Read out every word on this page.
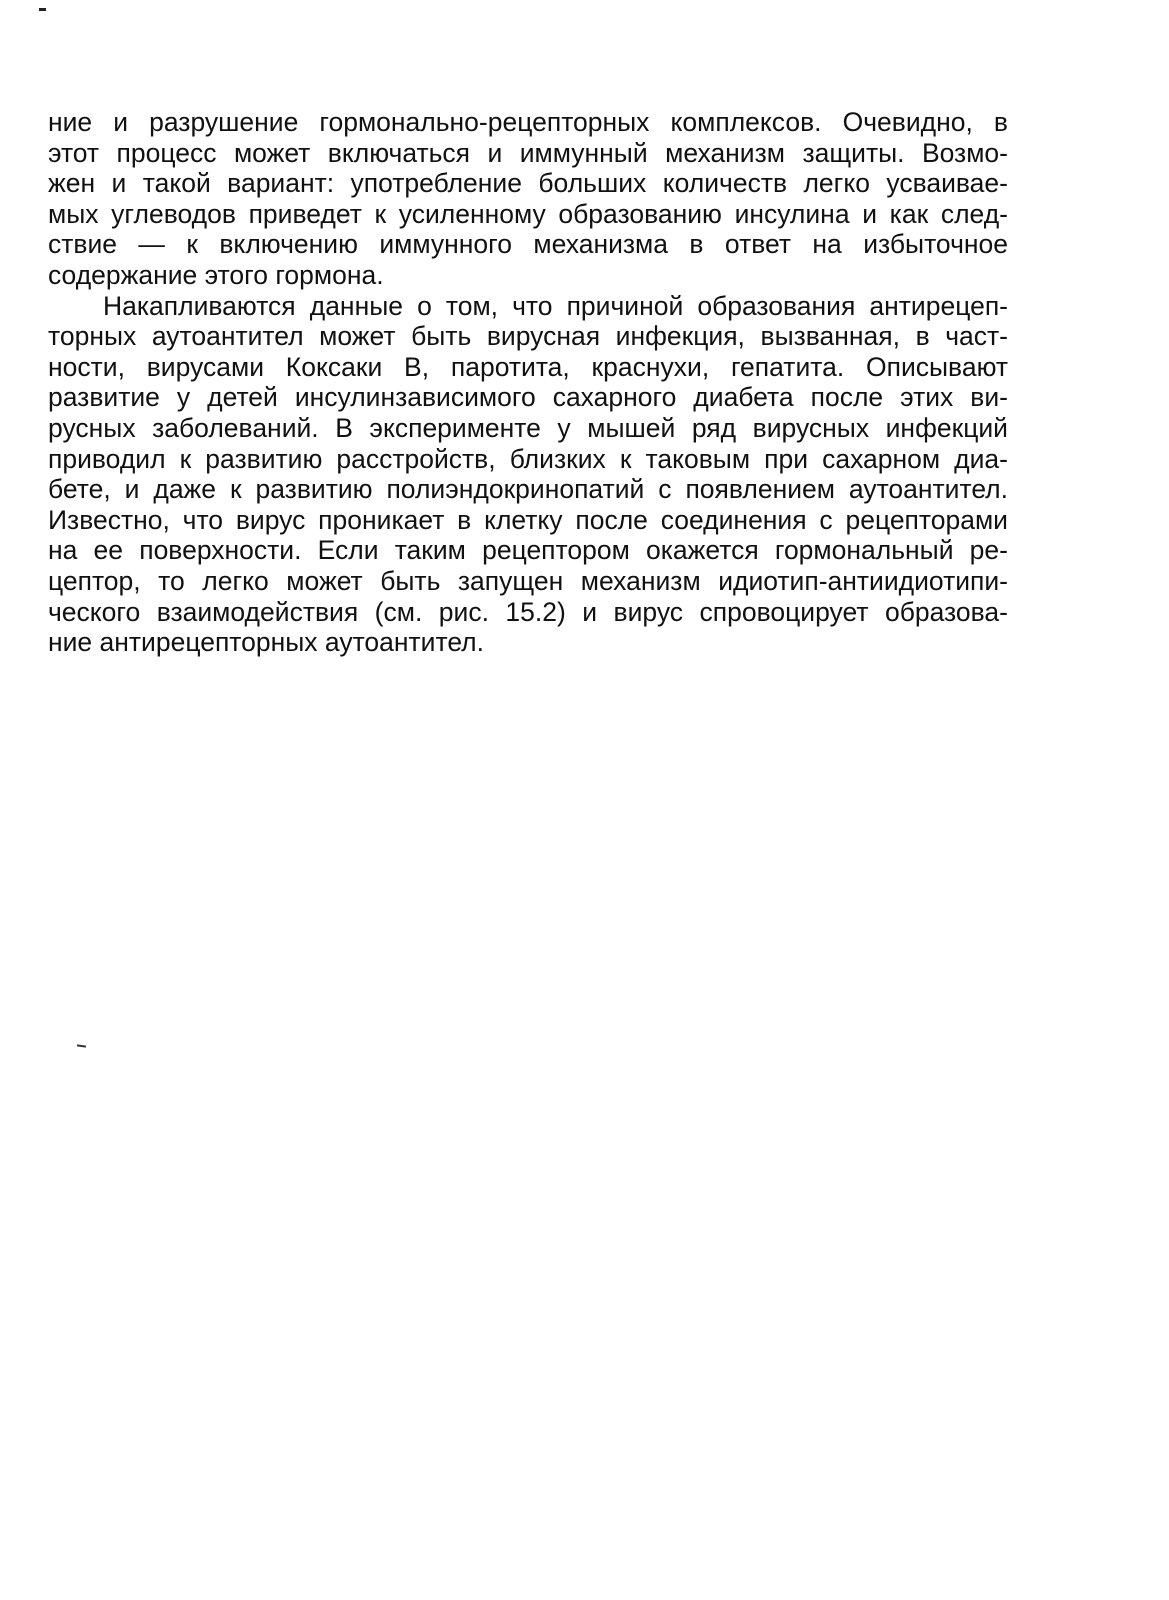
ние и разрушение гормонально-рецепторных комплексов. Очевидно, в
этот процесс может включаться и иммунный механизм защиты. Возмо-
жен и такой вариант: употребление больших количеств легко усваивае-
мых углеводов приведет к усиленному образованию инсулина и как след-
ствие — к включению иммунного механизма в ответ на избыточное
содержание этого гормона.
Накапливаются данные о том, что причиной образования антирецеп-
торных аутоантител может быть вирусная инфекция, вызванная, в част-
ности, вирусами Коксаки В, паротита, краснухи, гепатита. Описывают
развитие у детей инсулинзависимого сахарного диабета после этих ви-
русных заболеваний. В эксперименте у мышей ряд вирусных инфекций
приводил к развитию расстройств, близких к таковым при сахарном диа-
бете, и даже к развитию полиэндокринопатий с появлением аутоантител.
Известно, что вирус проникает в клетку после соединения с рецепторами
на ее поверхности. Если таким рецептором окажется гормональный ре-
цептор, то легко может быть запущен механизм идиотип-антиидиотипи-
ческого взаимодействия (см. рис. 15.2) и вирус спровоцирует образова-
ние антирецепторных аутоантител.
